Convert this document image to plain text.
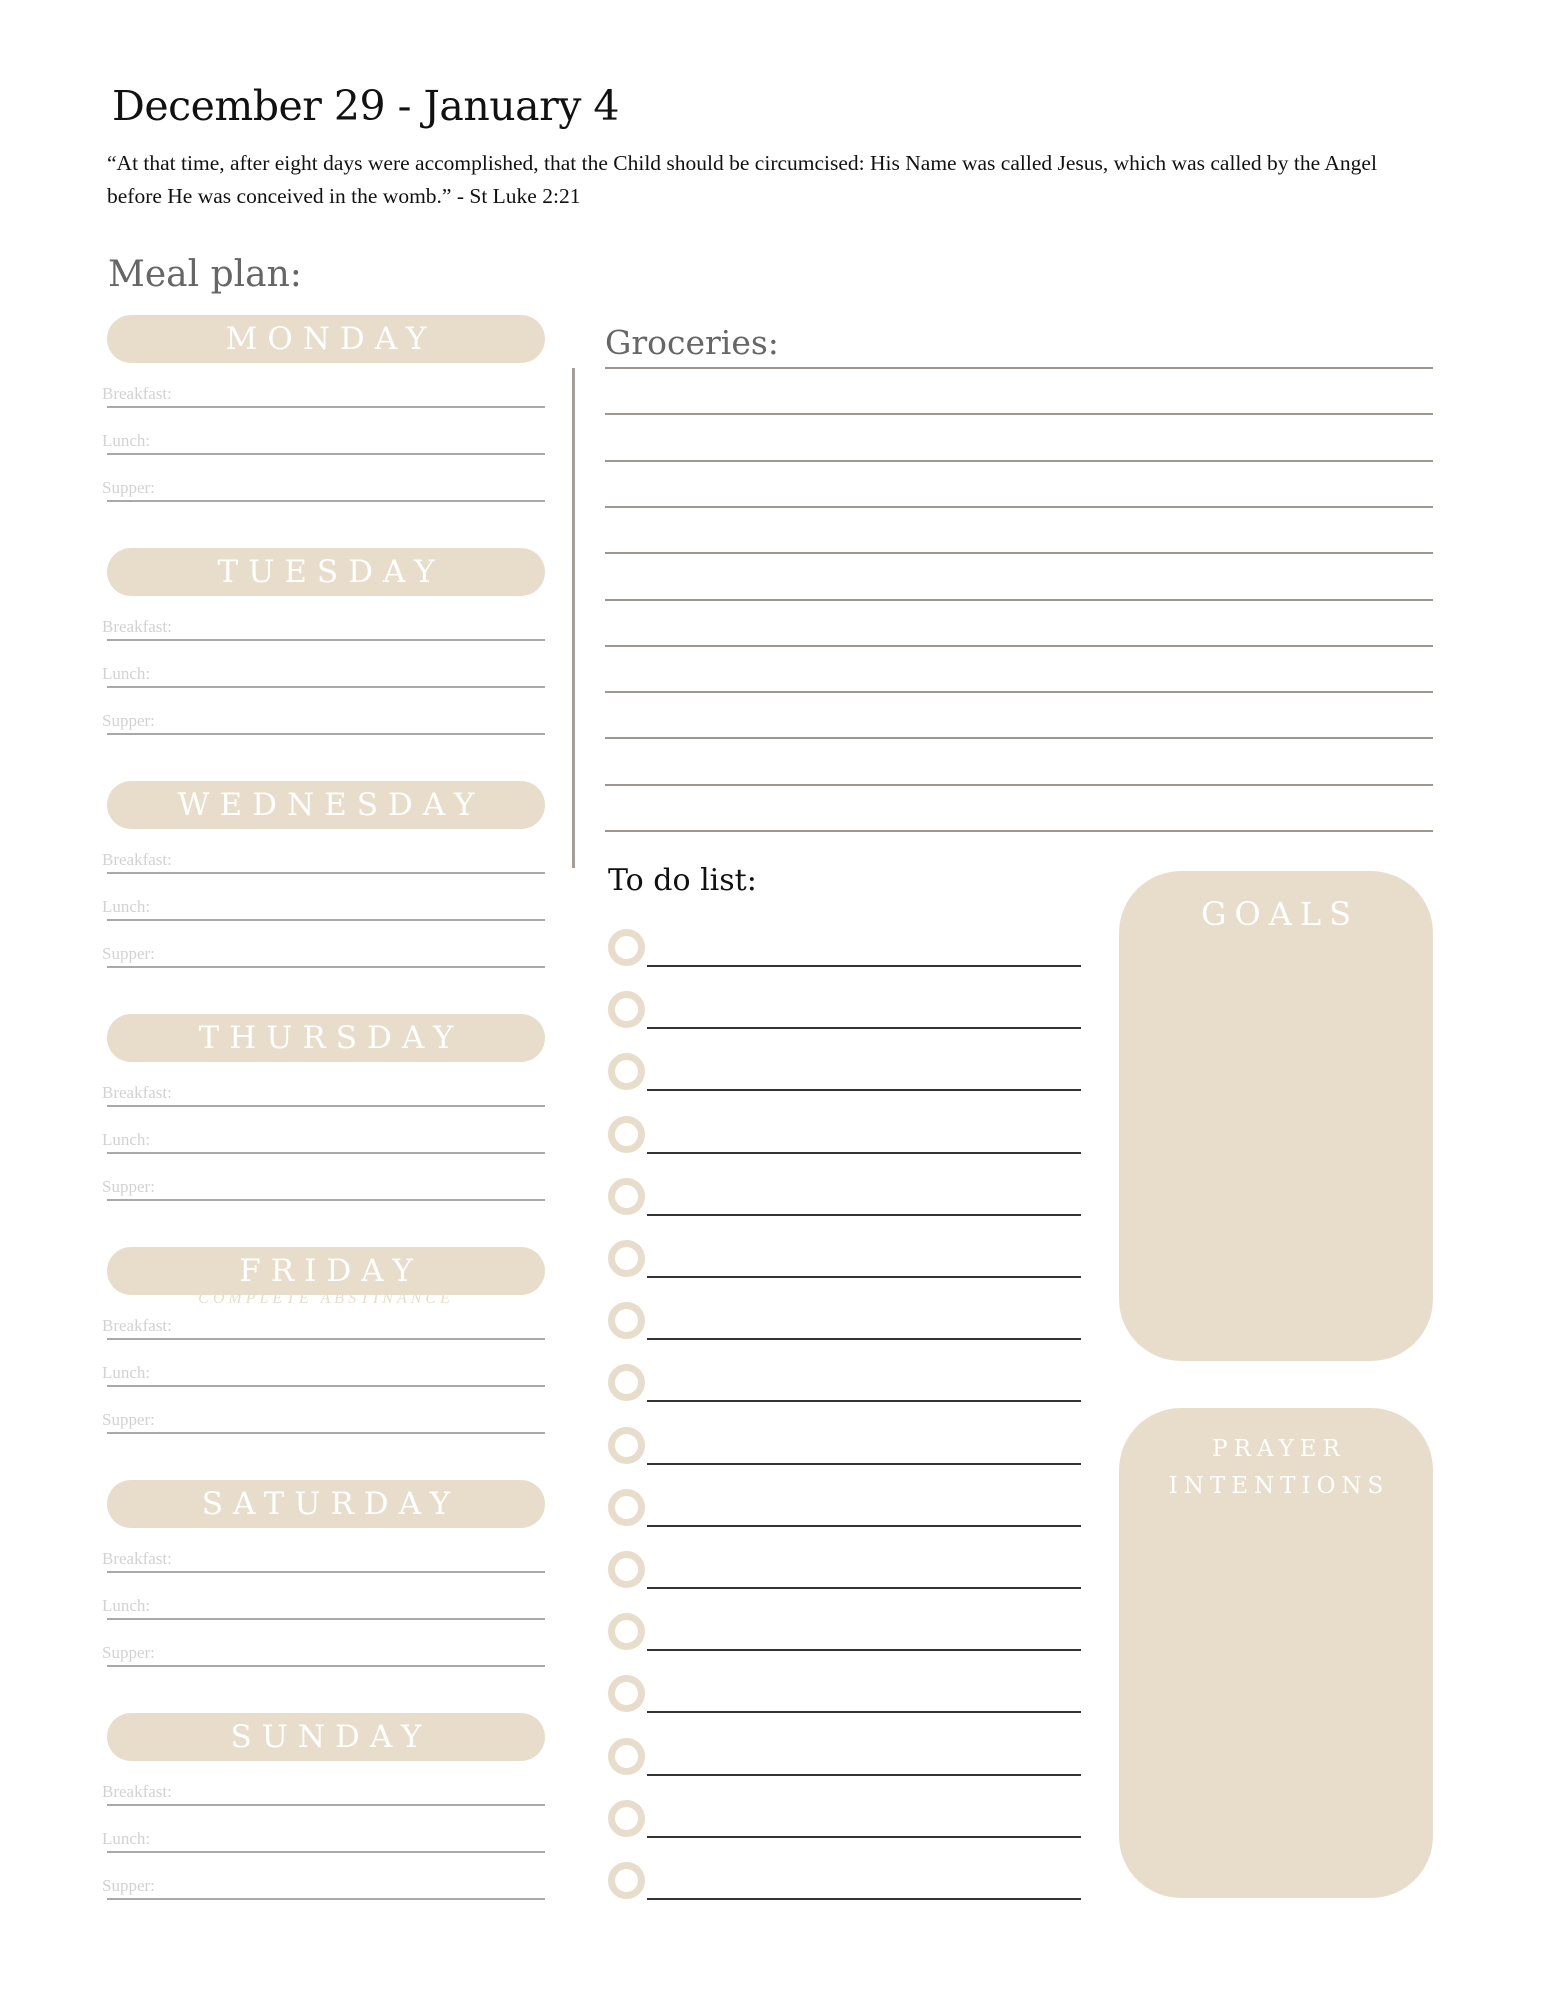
December 29 - January 4
“At that time, after eight days were accomplished, that the Child should be circumcised: His Name was called Jesus, which was called by the Angel before He was conceived in the womb.” - St Luke 2:21
Meal plan:
MONDAY
Breakfast:
Lunch:
Supper:
TUESDAY
Breakfast:
Lunch:
Supper:
WEDNESDAY
Breakfast:
Lunch:
Supper:
THURSDAY
Breakfast:
Lunch:
Supper:
FRIDAY
COMPLETE ABSTINANCE
Breakfast:
Lunch:
Supper:
SATURDAY
Breakfast:
Lunch:
Supper:
SUNDAY
Breakfast:
Lunch:
Supper:
Groceries:
To do list:
GOALS
PRAYER
INTENTIONS
